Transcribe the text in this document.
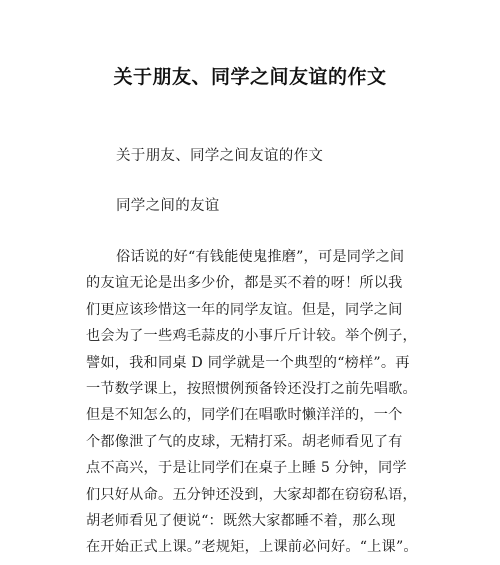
关于朋友、同学之间友谊的作文
关于朋友、同学之间友谊的作文
同学之间的友谊
俗话说的好“有钱能使鬼推磨”，可是同学之间
的友谊无论是出多少价，都是买不着的呀！所以我
们更应该珍惜这一年的同学友谊。但是，同学之间
也会为了一些鸡毛蒜皮的小事斤斤计较。举个例子，
譬如，我和同桌 D 同学就是一个典型的“榜样”。再
一节数学课上，按照惯例预备铃还没打之前先唱歌。
但是不知怎么的，同学们在唱歌时懒洋洋的，一个
个都像泄了气的皮球，无精打采。胡老师看见了有
点不高兴，于是让同学们在桌子上睡 5 分钟，同学
们只好从命。五分钟还没到，大家却都在窃窃私语，
胡老师看见了便说“：既然大家都睡不着，那么现
在开始正式上课。”老规矩，上课前必问好。“上课”。
